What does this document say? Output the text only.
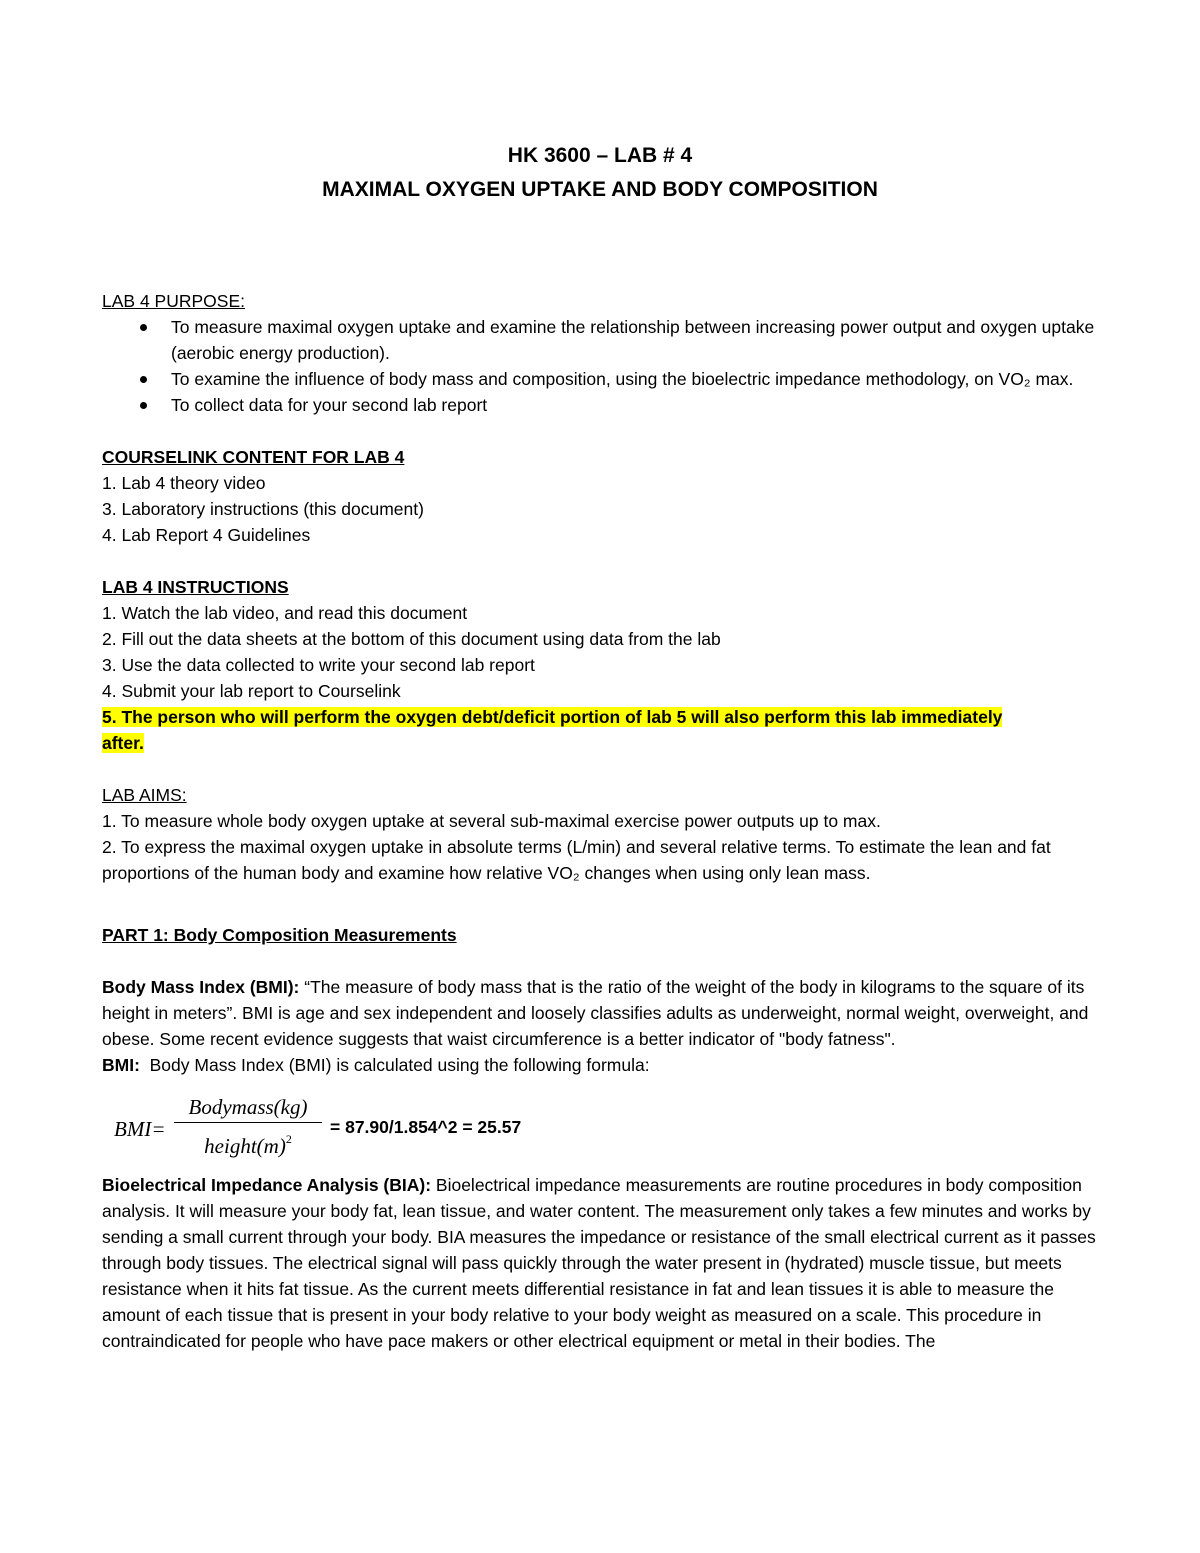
HK 3600 – LAB # 4
MAXIMAL OXYGEN UPTAKE AND BODY COMPOSITION

LAB 4 PURPOSE:

To measure maximal oxygen uptake and examine the relationship between increasing power output and oxygen uptake (aerobic energy production).
To examine the influence of body mass and composition, using the bioelectric impedance methodology, on VO₂ max.
To collect data for your second lab report

COURSELINK CONTENT FOR LAB 4

1. Lab 4 theory video

3. Laboratory instructions (this document)

4. Lab Report 4 Guidelines

LAB 4 INSTRUCTIONS

1. Watch the lab video, and read this document

2. Fill out the data sheets at the bottom of this document using data from the lab

3. Use the data collected to write your second lab report

4. Submit your lab report to Courselink

5. The person who will perform the oxygen debt/deficit portion of lab 5 will also perform this lab immediately

after.

LAB AIMS:

1. To measure whole body oxygen uptake at several sub-maximal exercise power outputs up to max.

2. To express the maximal oxygen uptake in absolute terms (L/min) and several relative terms. To estimate the lean and fat proportions of the human body and examine how relative VO₂ changes when using only lean mass.

PART 1: Body Composition Measurements

Body Mass Index (BMI): “The measure of body mass that is the ratio of the weight of the body in kilograms to the square of its height in meters”. BMI is age and sex independent and loosely classifies adults as underweight, normal weight, overweight, and obese. Some recent evidence suggests that waist circumference is a better indicator of "body fatness".

BMI:  Body Mass Index (BMI) is calculated using the following formula:

BMI=
Bodymass(kg)
$height(m)^2$
= 87.90/1.854^2 = 25.57

Bioelectrical Impedance Analysis (BIA): Bioelectrical impedance measurements are routine procedures in body composition analysis. It will measure your body fat, lean tissue, and water content. The measurement only takes a few minutes and works by sending a small current through your body. BIA measures the impedance or resistance of the small electrical current as it passes through body tissues. The electrical signal will pass quickly through the water present in (hydrated) muscle tissue, but meets resistance when it hits fat tissue. As the current meets differential resistance in fat and lean tissues it is able to measure the amount of each tissue that is present in your body relative to your body weight as measured on a scale. This procedure in contraindicated for people who have pace makers or other electrical equipment or metal in their bodies. The
